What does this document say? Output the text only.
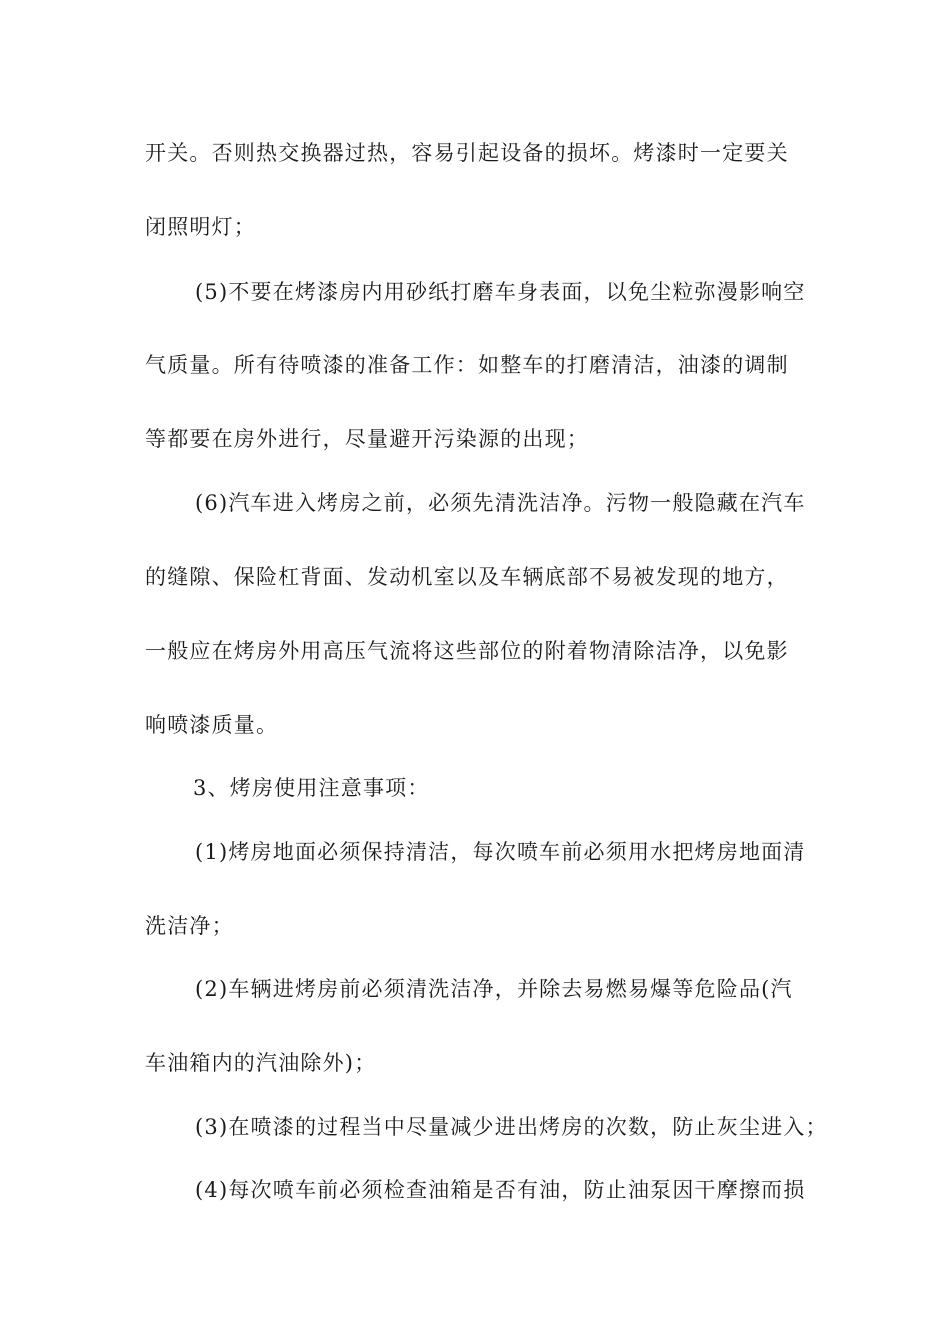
开关。否则热交换器过热，容易引起设备的损坏。烤漆时一定要关

闭照明灯；

(5)不要在烤漆房内用砂纸打磨车身表面，以免尘粒弥漫影响空

气质量。所有待喷漆的准备工作：如整车的打磨清洁，油漆的调制

等都要在房外进行，尽量避开污染源的出现；

(6)汽车进入烤房之前，必须先清洗洁净。污物一般隐藏在汽车

的缝隙、保险杠背面、发动机室以及车辆底部不易被发现的地方，

一般应在烤房外用高压气流将这些部位的附着物清除洁净，以免影

响喷漆质量。

3、烤房使用注意事项：

(1)烤房地面必须保持清洁，每次喷车前必须用水把烤房地面清

洗洁净；

(2)车辆进烤房前必须清洗洁净，并除去易燃易爆等危险品(汽

车油箱内的汽油除外)；

(3)在喷漆的过程当中尽量减少进出烤房的次数，防止灰尘进入；

(4)每次喷车前必须检查油箱是否有油，防止油泵因干摩擦而损
